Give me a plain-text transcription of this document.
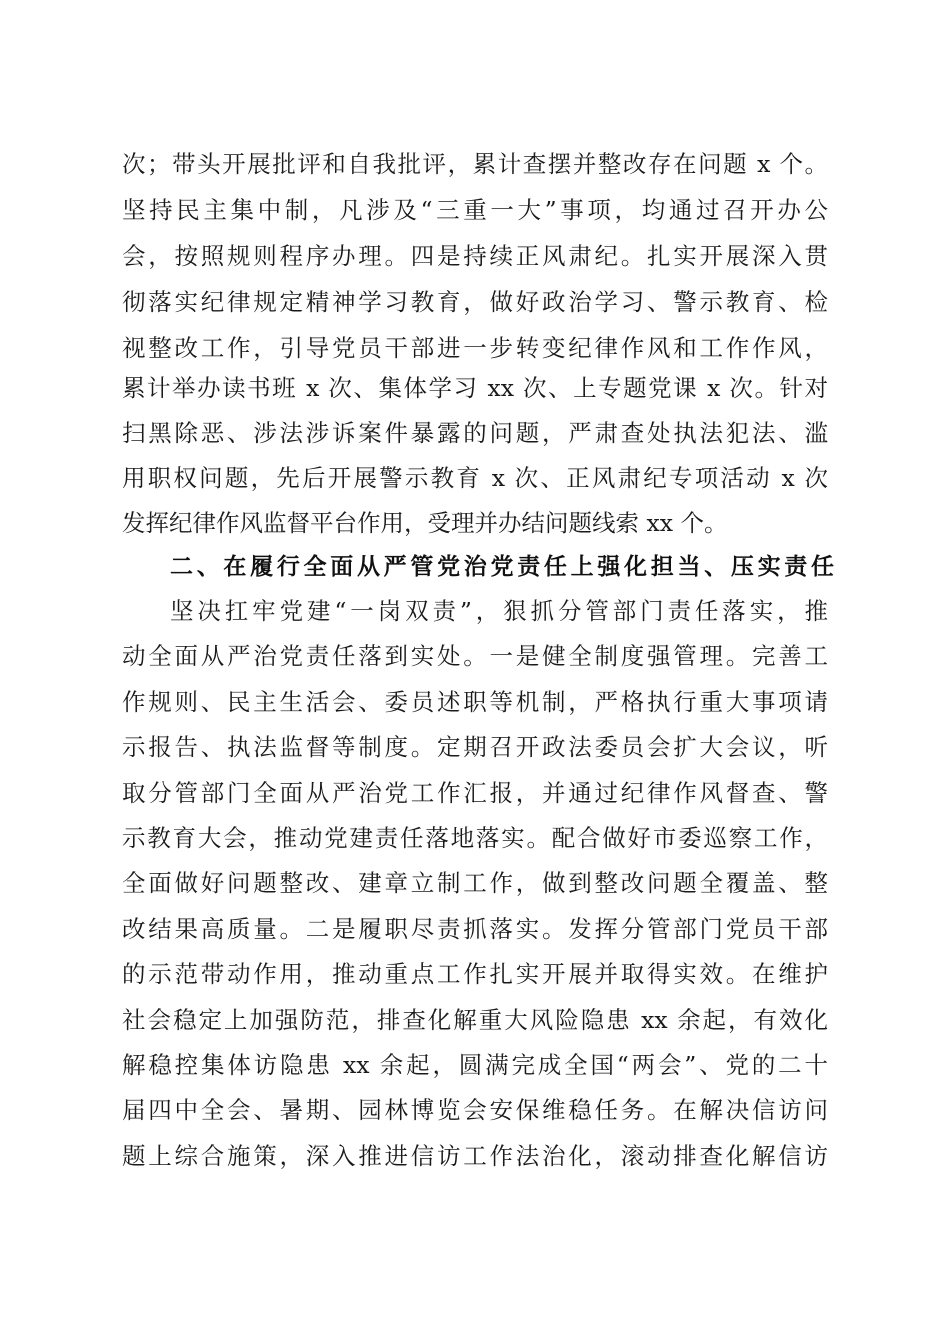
次；带头开展批评和自我批评，累计查摆并整改存在问题 x 个。
坚持民主集中制，凡涉及“三重一大”事项，均通过召开办公
会，按照规则程序办理。四是持续正风肃纪。扎实开展深入贯
彻落实纪律规定精神学习教育，做好政治学习、警示教育、检
视整改工作，引导党员干部进一步转变纪律作风和工作作风，
累计举办读书班 x 次、集体学习 xx 次、上专题党课 x 次。针对
扫黑除恶、涉法涉诉案件暴露的问题，严肃查处执法犯法、滥
用职权问题，先后开展警示教育 x 次、正风肃纪专项活动 x 次
发挥纪律作风监督平台作用，受理并办结问题线索 xx 个。
二、在履行全面从严管党治党责任上强化担当、压实责任
坚决扛牢党建“一岗双责”，狠抓分管部门责任落实，推
动全面从严治党责任落到实处。一是健全制度强管理。完善工
作规则、民主生活会、委员述职等机制，严格执行重大事项请
示报告、执法监督等制度。定期召开政法委员会扩大会议，听
取分管部门全面从严治党工作汇报，并通过纪律作风督查、警
示教育大会，推动党建责任落地落实。配合做好市委巡察工作，
全面做好问题整改、建章立制工作，做到整改问题全覆盖、整
改结果高质量。二是履职尽责抓落实。发挥分管部门党员干部
的示范带动作用，推动重点工作扎实开展并取得实效。在维护
社会稳定上加强防范，排查化解重大风险隐患 xx 余起，有效化
解稳控集体访隐患 xx 余起，圆满完成全国“两会”、党的二十
届四中全会、暑期、园林博览会安保维稳任务。在解决信访问
题上综合施策，深入推进信访工作法治化，滚动排查化解信访
